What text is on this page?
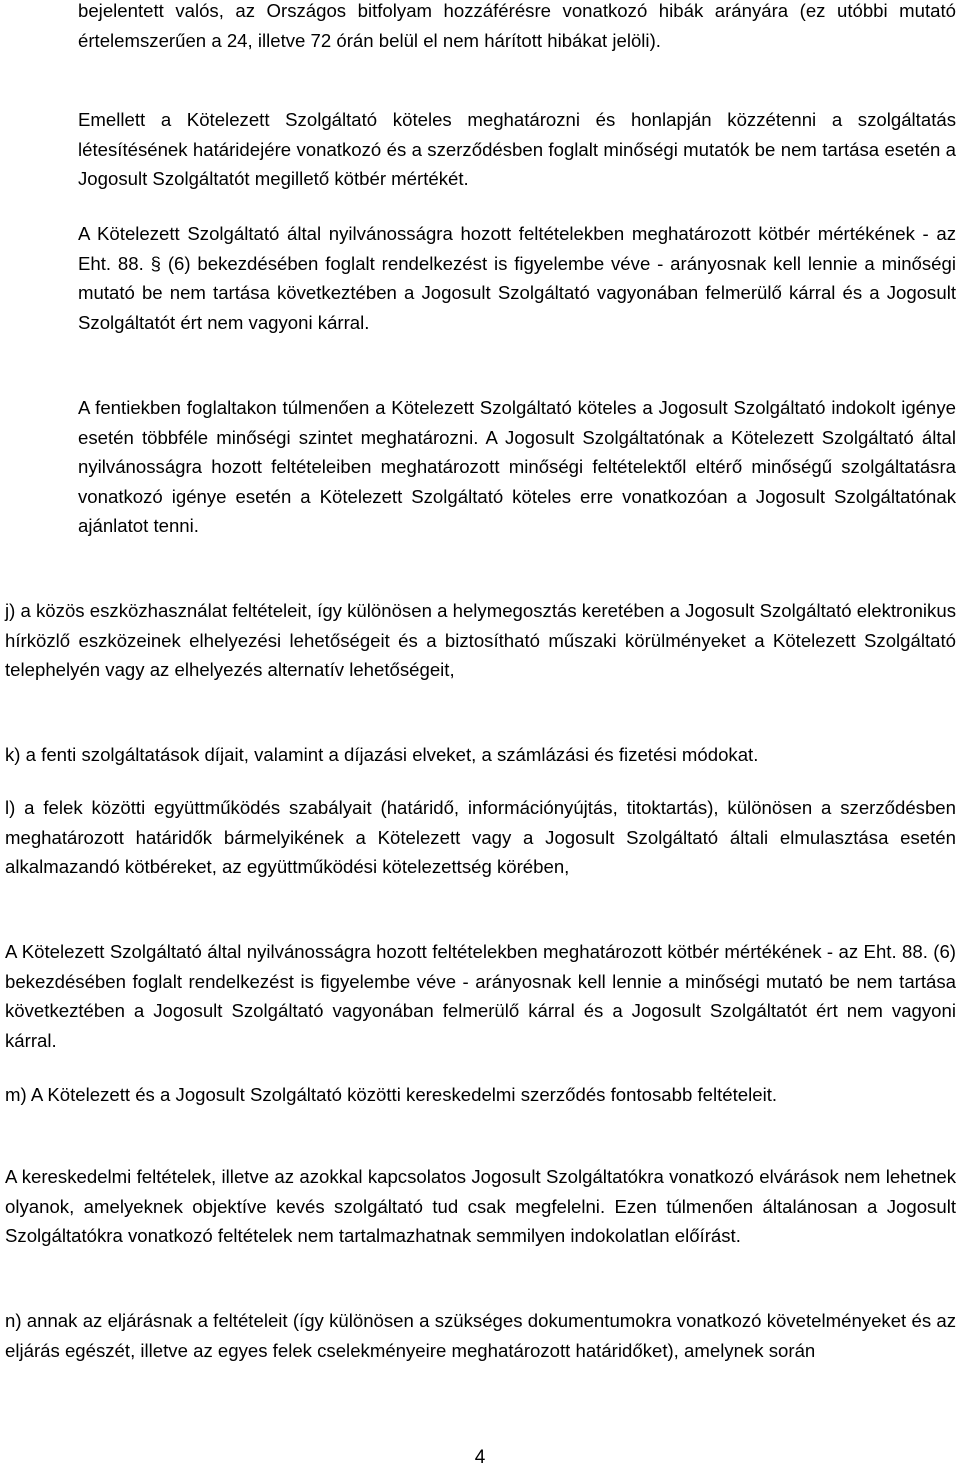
bejelentett valós, az Országos bitfolyam hozzáférésre vonatkozó hibák arányára (ez utóbbi mutató értelemszerűen a 24, illetve 72 órán belül el nem hárított hibákat jelöli).

Emellett a Kötelezett Szolgáltató köteles meghatározni és honlapján közzétenni a szolgáltatás létesítésének határidejére vonatkozó és a szerződésben foglalt minőségi mutatók be nem tartása esetén a Jogosult Szolgáltatót megillető kötbér mértékét.

A Kötelezett Szolgáltató által nyilvánosságra hozott feltételekben meghatározott kötbér mértékének - az Eht. 88. § (6) bekezdésében foglalt rendelkezést is figyelembe véve - arányosnak kell lennie a minőségi mutató be nem tartása következtében a Jogosult Szolgáltató vagyonában felmerülő kárral és a Jogosult Szolgáltatót ért nem vagyoni kárral.

A fentiekben foglaltakon túlmenően a Kötelezett Szolgáltató köteles a Jogosult Szolgáltató indokolt igénye esetén többféle minőségi szintet meghatározni. A Jogosult Szolgáltatónak a Kötelezett Szolgáltató által nyilvánosságra hozott feltételeiben meghatározott minőségi feltételektől eltérő minőségű szolgáltatásra vonatkozó igénye esetén a Kötelezett Szolgáltató köteles erre vonatkozóan a Jogosult Szolgáltatónak ajánlatot tenni.

j) a közös eszközhasználat feltételeit, így különösen a helymegosztás keretében a Jogosult Szolgáltató elektronikus hírközlő eszközeinek elhelyezési lehetőségeit és a biztosítható műszaki körülményeket a Kötelezett Szolgáltató telephelyén vagy az elhelyezés alternatív lehetőségeit,

k) a fenti szolgáltatások díjait, valamint a díjazási elveket, a számlázási és fizetési módokat.

l) a felek közötti együttműködés szabályait (határidő, információnyújtás, titoktartás), különösen a szerződésben meghatározott határidők bármelyikének a Kötelezett vagy a Jogosult Szolgáltató általi elmulasztása esetén alkalmazandó kötbéreket, az együttműködési kötelezettség körében,

A Kötelezett Szolgáltató által nyilvánosságra hozott feltételekben meghatározott kötbér mértékének - az Eht. 88. (6) bekezdésében foglalt rendelkezést is figyelembe véve - arányosnak kell lennie a minőségi mutató be nem tartása következtében a Jogosult Szolgáltató vagyonában felmerülő kárral és a Jogosult Szolgáltatót ért nem vagyoni kárral.

m) A Kötelezett és a Jogosult Szolgáltató közötti kereskedelmi szerződés fontosabb feltételeit.

A kereskedelmi feltételek, illetve az azokkal kapcsolatos Jogosult Szolgáltatókra vonatkozó elvárások nem lehetnek olyanok, amelyeknek objektíve kevés szolgáltató tud csak megfelelni. Ezen túlmenően általánosan a Jogosult Szolgáltatókra vonatkozó feltételek nem tartalmazhatnak semmilyen indokolatlan előírást.

n) annak az eljárásnak a feltételeit (így különösen a szükséges dokumentumokra vonatkozó követelményeket és az eljárás egészét, illetve az egyes felek cselekményeire meghatározott határidőket), amelynek során

4
